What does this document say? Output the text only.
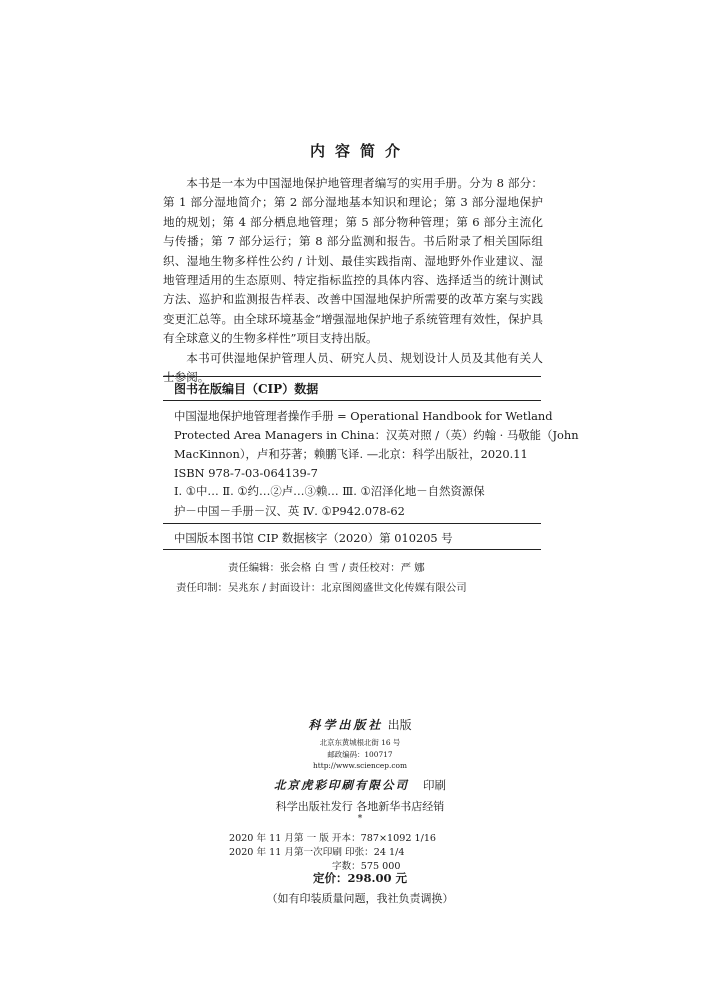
内容简介

本书是一本为中国湿地保护地管理者编写的实用手册。分为 8 部分：第 1 部分湿地简介；第 2 部分湿地基本知识和理论；第 3 部分湿地保护地的规划；第 4 部分栖息地管理；第 5 部分物种管理；第 6 部分主流化与传播；第 7 部分运行；第 8 部分监测和报告。书后附录了相关国际组织、湿地生物多样性公约 / 计划、最佳实践指南、湿地野外作业建议、湿地管理适用的生态原则、特定指标监控的具体内容、选择适当的统计测试方法、巡护和监测报告样表、改善中国湿地保护所需要的改革方案与实践变更汇总等。由全球环境基金“增强湿地保护地子系统管理有效性，保护具有全球意义的生物多样性”项目支持出版。

本书可供湿地保护管理人员、研究人员、规划设计人员及其他有关人士参阅。

图书在版编目（CIP）数据
中国湿地保护地管理者操作手册 = Operational Handbook for Wetland
Protected Area Managers in China：汉英对照 /（英）约翰 · 马敬能（John
MacKinnon），卢和芬著；赖鹏飞译. —北京：科学出版社，2020.11
ISBN 978-7-03-064139-7
Ⅰ. ①中… Ⅱ. ①约…②卢…③赖… Ⅲ. ①沼泽化地－自然资源保
护－中国－手册－汉、英 Ⅳ. ①P942.078-62
中国版本图书馆 CIP 数据核字（2020）第 010205 号
责任编辑：张会格 白 雪 / 责任校对：严 娜
责任印制：吴兆东 / 封面设计：北京图阅盛世文化传媒有限公司
科学出版社 出版
北京东黄城根北街 16 号
邮政编码：100717
http://www.sciencep.com
北京虎彩印刷有限公司 印刷
科学出版社发行 各地新华书店经销
*
2020 年 11 月第 一 版 开本：787×1092 1/16
2020 年 11 月第一次印刷 印张：24 1/4
字数：575 000
定价：298.00 元
（如有印装质量问题，我社负责调换）
